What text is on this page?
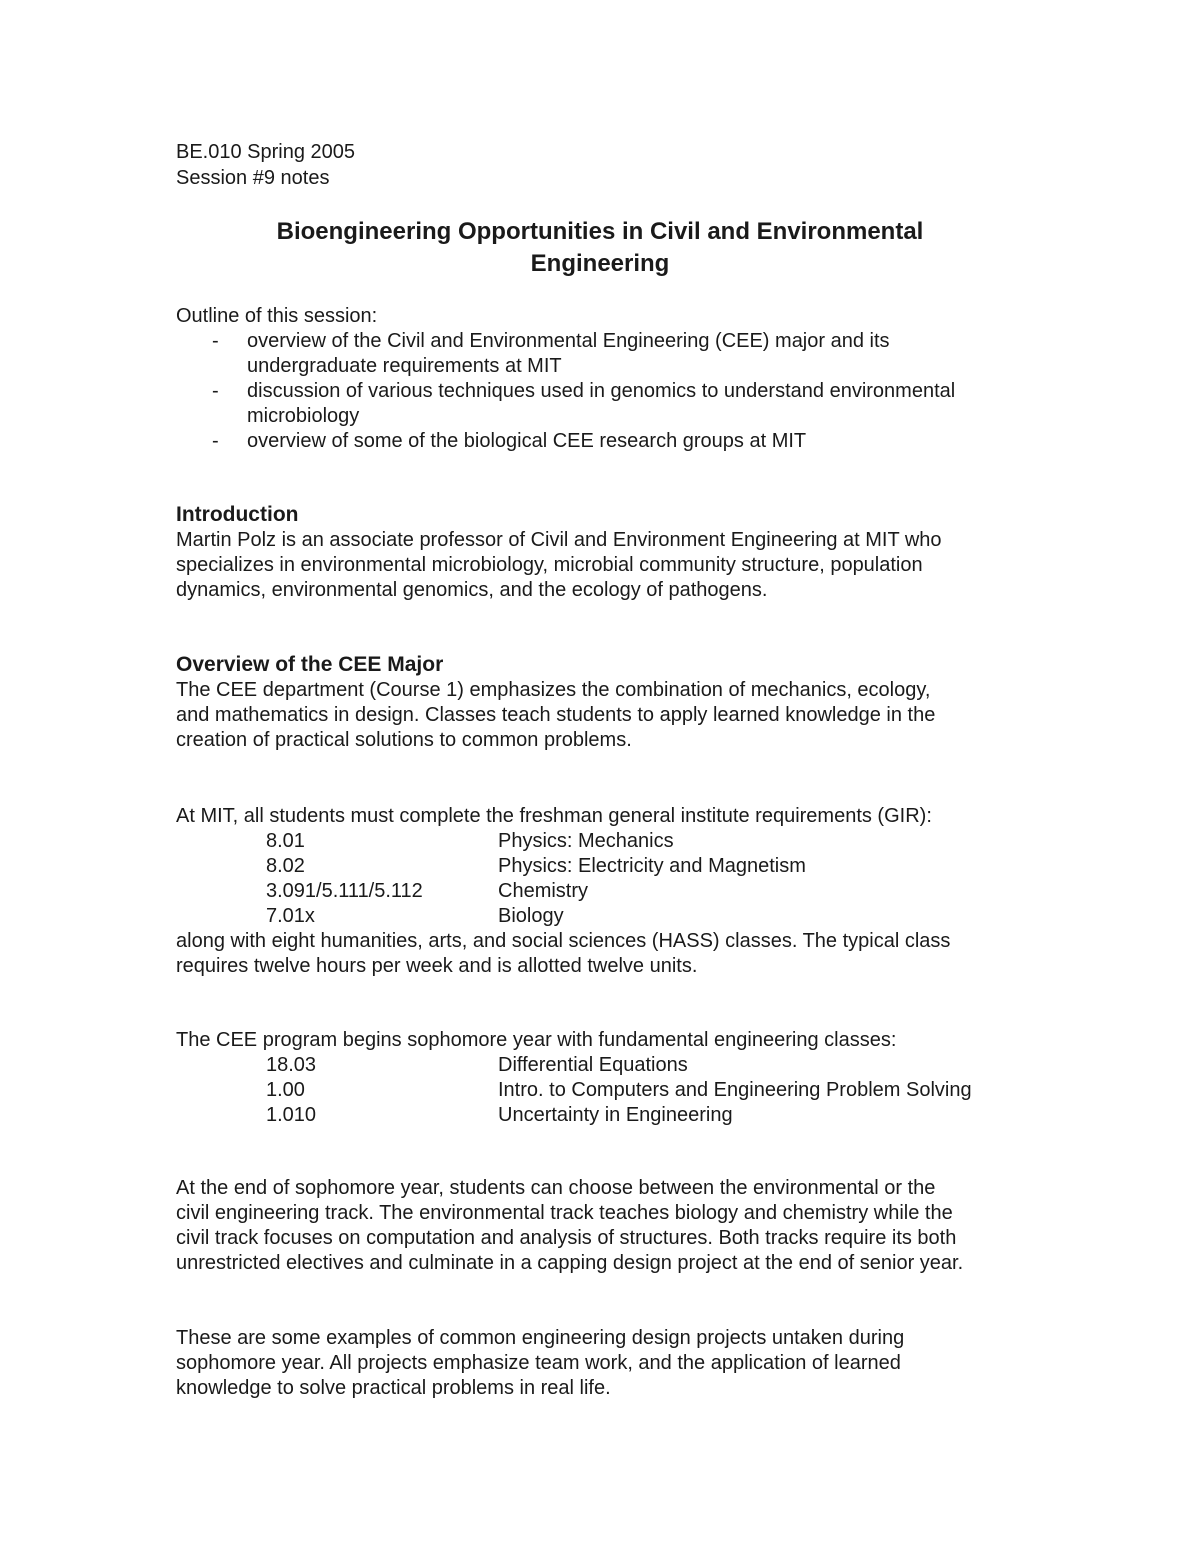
BE.010 Spring 2005
Session #9 notes
Bioengineering Opportunities in Civil and Environmental
Engineering
Outline of this session:
- overview of the Civil and Environmental Engineering (CEE) major and its
undergraduate requirements at MIT
- discussion of various techniques used in genomics to understand environmental
microbiology
- overview of some of the biological CEE research groups at MIT
Introduction

Martin Polz is an associate professor of Civil and Environment Engineering at MIT who
specializes in environmental microbiology, microbial community structure, population
dynamics, environmental genomics, and the ecology of pathogens.

Overview of the CEE Major

The CEE department (Course 1) emphasizes the combination of mechanics, ecology,
and mathematics in design. Classes teach students to apply learned knowledge in the
creation of practical solutions to common problems.

At MIT, all students must complete the freshman general institute requirements (GIR):
8.01	Physics: Mechanics
8.02	Physics: Electricity and Magnetism
3.091/5.111/5.112	Chemistry
7.01x	Biology

along with eight humanities, arts, and social sciences (HASS) classes. The typical class
requires twelve hours per week and is allotted twelve units.

The CEE program begins sophomore year with fundamental engineering classes:
18.03	Differential Equations
1.00	Intro. to Computers and Engineering Problem Solving
1.010	Uncertainty in Engineering

At the end of sophomore year, students can choose between the environmental or the
civil engineering track. The environmental track teaches biology and chemistry while the
civil track focuses on computation and analysis of structures. Both tracks require its both
unrestricted electives and culminate in a capping design project at the end of senior year.

These are some examples of common engineering design projects untaken during
sophomore year. All projects emphasize team work, and the application of learned
knowledge to solve practical problems in real life.
